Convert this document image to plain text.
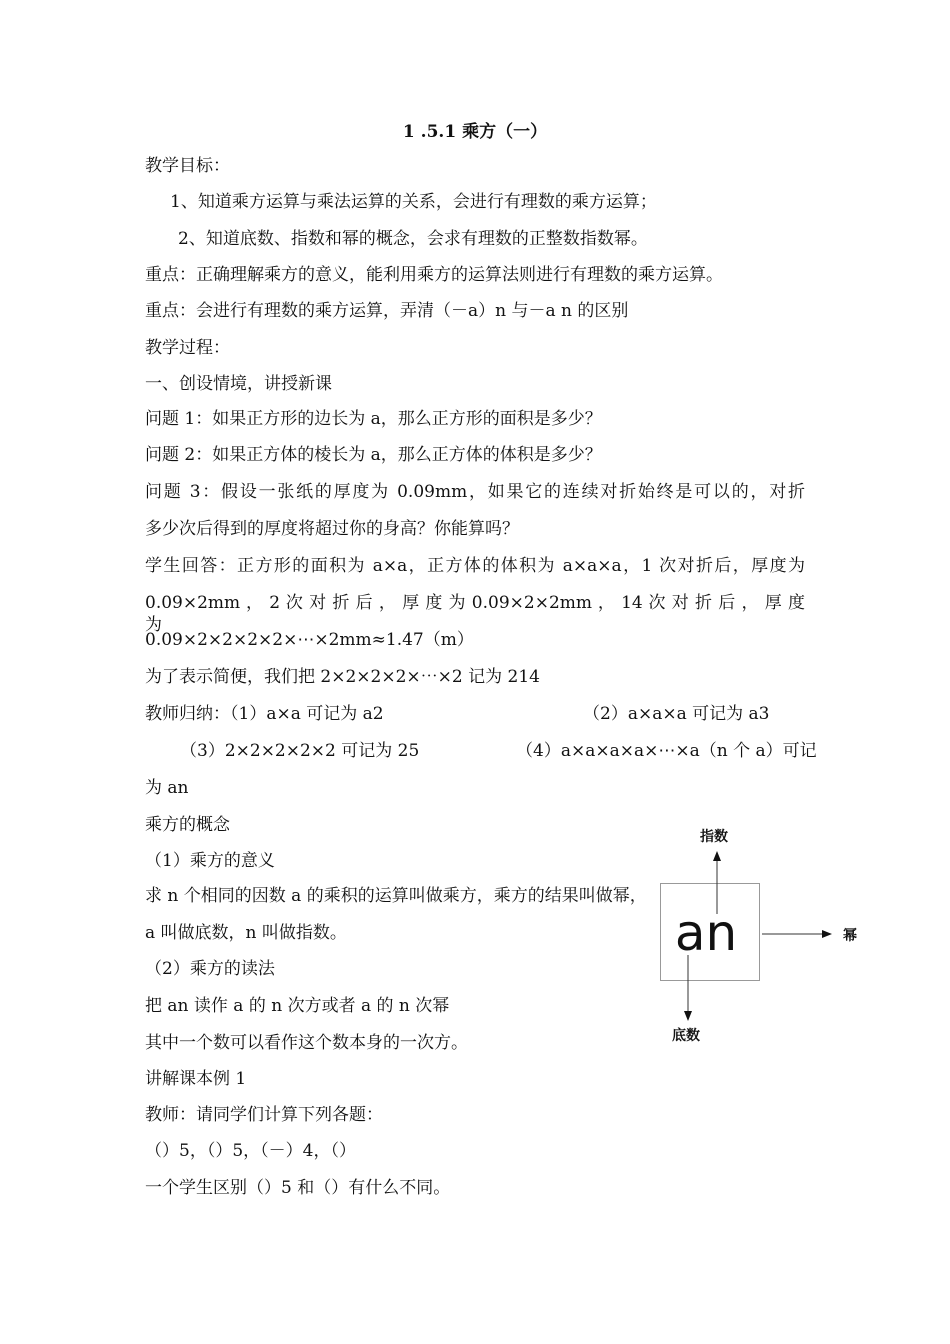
1 .5.1 乘方（一）
教学目标：
1、知道乘方运算与乘法运算的关系，会进行有理数的乘方运算；
2、知道底数、指数和幂的概念，会求有理数的正整数指数幂。
重点：正确理解乘方的意义，能利用乘方的运算法则进行有理数的乘方运算。
重点：会进行有理数的乘方运算，弄清（－a）n 与－a n 的区别
教学过程：
一、创设情境，讲授新课
问题 1：如果正方形的边长为 a，那么正方形的面积是多少？
问题 2：如果正方体的棱长为 a，那么正方体的体积是多少？
问题 3：假设一张纸的厚度为 0.09mm，如果它的连续对折始终是可以的，对折
多少次后得到的厚度将超过你的身高？你能算吗？
学生回答：正方形的面积为 a×a，正方体的体积为 a×a×a，1 次对折后，厚度为
0.09×2mm ， 2 次 对 折 后 ， 厚 度 为 0.09×2×2mm ， 14 次 对 折 后 ， 厚 度 为
0.09×2×2×2×2×⋯×2mm≈1.47（m）
为了表示简便，我们把 2×2×2×2×⋯×2 记为 214
教师归纳：（1）a×a 可记为 a2	（2）a×a×a 可记为 a3
（3）2×2×2×2×2 可记为 25	（4）a×a×a×a×⋯×a（n 个 a）可记
为 an
乘方的概念
（1）乘方的意义
求 n 个相同的因数 a 的乘积的运算叫做乘方，乘方的结果叫做幂，
a 叫做底数，n 叫做指数。
（2）乘方的读法
把 an 读作 a 的 n 次方或者 a 的 n 次幂
其中一个数可以看作这个数本身的一次方。
讲解课本例 1
教师：请同学们计算下列各题：
（）5，（）5，（－）4，（）
一个学生区别（）5 和（）有什么不同。
an
指数
幂
底数
